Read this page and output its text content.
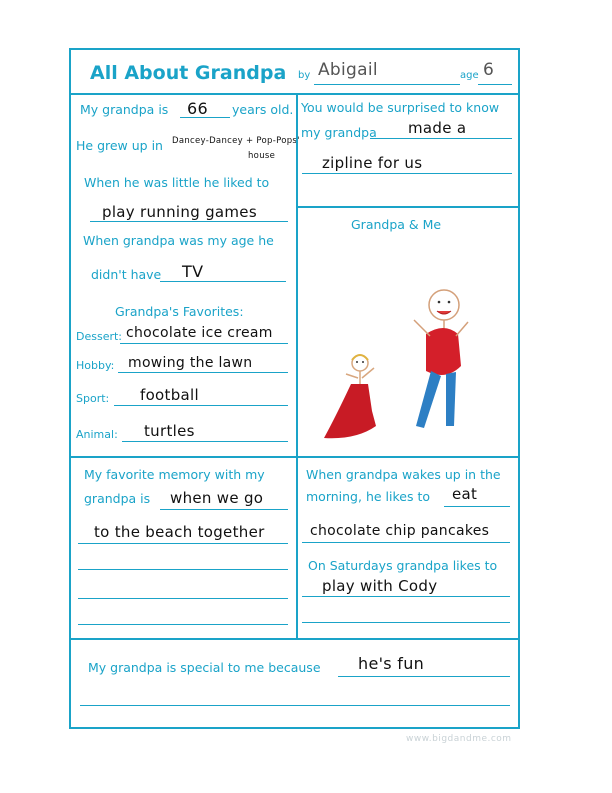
All About Grandpa by Abigail	age 6
My grandpa is 66 years old.
He grew up in Dancey-Dancey + Pop-Pops'
house
When he was little he liked to
play running games
When grandpa was my age he
didn't have TV
Grandpa's Favorites:
Dessert: chocolate ice cream
Hobby: mowing the lawn
Sport: football
Animal: turtles
You would be surprised to know
my grandpa made a
zipline for us
Grandpa & Me
My favorite memory with my
grandpa is when we go
to the beach together
When grandpa wakes up in the
morning, he likes to eat
chocolate chip pancakes
On Saturdays grandpa likes to
play with Cody
My grandpa is special to me because he's fun
www.bigdandme.com
